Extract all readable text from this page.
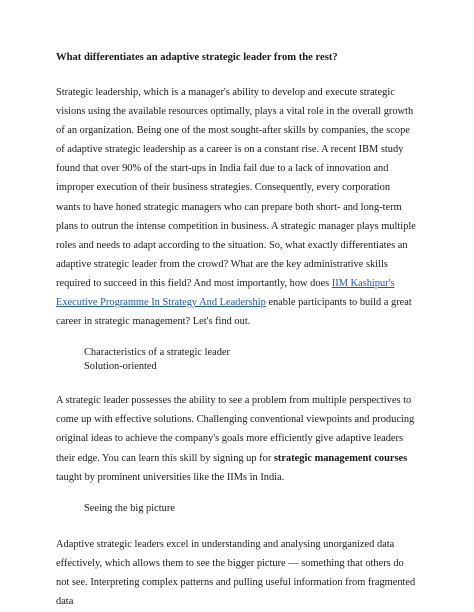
What differentiates an adaptive strategic leader from the rest?

Strategic leadership, which is a manager's ability to develop and execute strategic visions using the available resources optimally, plays a vital role in the overall growth of an organization. Being one of the most sought-after skills by companies, the scope of adaptive strategic leadership as a career is on a constant rise. A recent IBM study found that over 90% of the start-ups in India fail due to a lack of innovation and improper execution of their business strategies. Consequently, every corporation wants to have honed strategic managers who can prepare both short- and long-term plans to outrun the intense competition in business. A strategic manager plays multiple roles and needs to adapt according to the situation. So, what exactly differentiates an adaptive strategic leader from the crowd? What are the key administrative skills required to succeed in this field? And most importantly, how does IIM Kashipur's Executive Programme In Strategy And Leadership enable participants to build a great career in strategic management? Let's find out.

Characteristics of a strategic leader
Solution-oriented

A strategic leader possesses the ability to see a problem from multiple perspectives to come up with effective solutions. Challenging conventional viewpoints and producing original ideas to achieve the company's goals more efficiently give adaptive leaders their edge. You can learn this skill by signing up for strategic management courses taught by prominent universities like the IIMs in India.

Seeing the big picture

Adaptive strategic leaders excel in understanding and analysing unorganized data effectively, which allows them to see the bigger picture — something that others do not see. Interpreting complex patterns and pulling useful information from fragmented data
